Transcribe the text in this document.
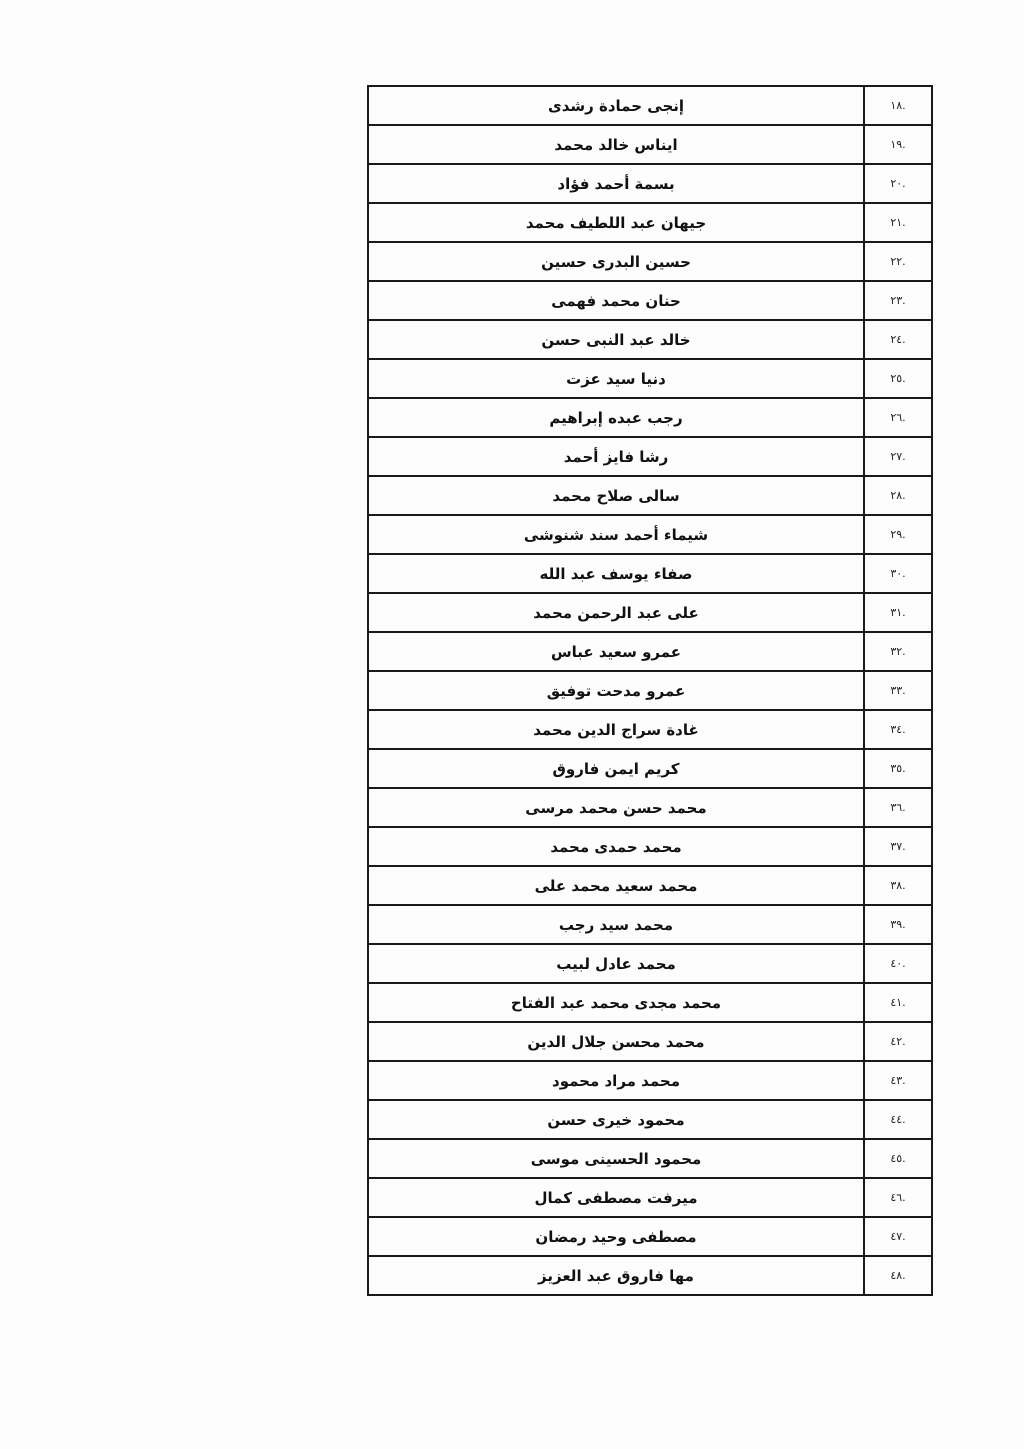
.١٨	إنجى حمادة رشدى
.١٩	ايناس خالد محمد
.٢٠	بسمة أحمد فؤاد
.٢١	جيهان عبد اللطيف محمد
.٢٢	حسين البدرى حسين
.٢٣	حنان محمد فهمى
.٢٤	خالد عبد النبى حسن
.٢٥	دنيا سيد عزت
.٢٦	رجب عبده إبراهيم
.٢٧	رشا فايز أحمد
.٢٨	سالى صلاح محمد
.٢٩	شيماء أحمد سند شنوشى
.٣٠	صفاء يوسف عبد الله
.٣١	على عبد الرحمن محمد
.٣٢	عمرو سعيد عباس
.٣٣	عمرو مدحت توفيق
.٣٤	غادة سراج الدين محمد
.٣٥	كريم ايمن فاروق
.٣٦	محمد حسن محمد مرسى
.٣٧	محمد حمدى محمد
.٣٨	محمد سعيد محمد على
.٣٩	محمد سيد رجب
.٤٠	محمد عادل لبيب
.٤١	محمد مجدى محمد عبد الفتاح
.٤٢	محمد محسن جلال الدين
.٤٣	محمد مراد محمود
.٤٤	محمود خيرى حسن
.٤٥	محمود الحسينى موسى
.٤٦	ميرفت مصطفى كمال
.٤٧	مصطفى وحيد رمضان
.٤٨	مها فاروق عبد العزيز
